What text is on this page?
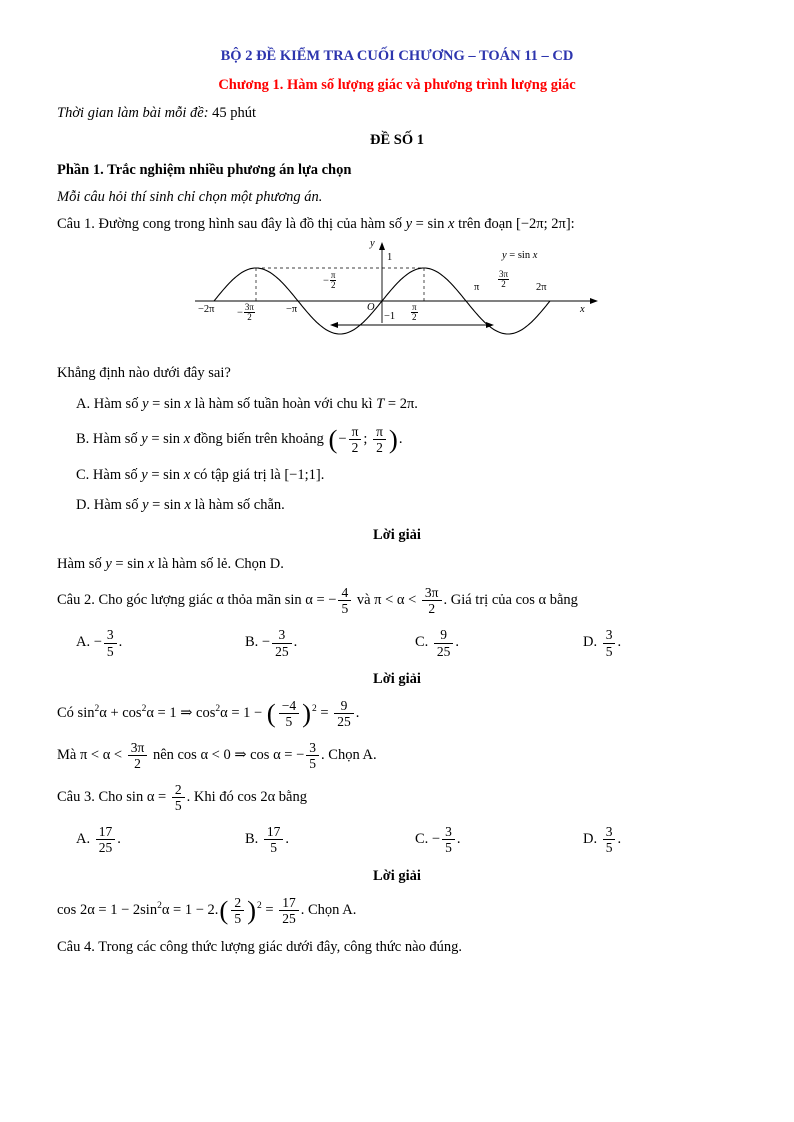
BỘ 2 ĐỀ KIỂM TRA CUỐI CHƯƠNG – TOÁN 11 – CD

Chương 1. Hàm số lượng giác và phương trình lượng giác

Thời gian làm bài mỗi đề: 45 phút

ĐỀ SỐ 1

Phần 1. Trắc nghiệm nhiều phương án lựa chọn

Mỗi câu hỏi thí sinh chỉ chọn một phương án.

Câu 1. Đường cong trong hình sau đây là đồ thị của hàm số y = sin x trên đoạn [−2π; 2π]:

y
1	y = sin x
$-2\pi - \frac{3\pi}{2}$	−π
− $\frac{\pi}{2}$
O
$-1 \frac{\pi}{2}$
π $\frac{3\pi}{2}$	2π
x

Khẳng định nào dưới đây sai?

A. Hàm số y = sin x là hàm số tuần hoàn với chu kì T = 2π.

B. Hàm số y = sin x đồng biến trên khoảng (− $\frac{\pi}{2}$ ; $\frac{\pi}{2}$ ).

C. Hàm số y = sin x có tập giá trị là [−1;1].

D. Hàm số y = sin x là hàm số chẵn.

Lời giải

Hàm số y = sin x là hàm số lẻ. Chọn D.

Câu 2. Cho góc lượng giác α thỏa mãn sin α = − $\frac{4}{5}$ và $\pi < \alpha < \frac{3\pi}{2}$ . Giá trị của cos α bằng

A. − $\frac{3}{5}$ .	B. − $\frac{3}{25}$ .	C. $\frac{9}{25}$ .	D. $\frac{3}{5}$ .

Lời giải

Có $\sin^2\alpha + \cos^2\alpha = 1$ ⇒ $\cos^2\alpha = 1$ − ( $\frac{-4}{5} )^2 = \frac{9}{25}$ .

Mà $\pi < \alpha < \frac{3\pi}{2}$ nên cos α < 0 ⇒ cos α = − $\frac{3}{5}$ . Chọn A.

Câu 3. Cho $\sin \alpha = \frac{2}{5}$ . Khi đó cos 2α bằng

A. $\frac{17}{25}$ .	B. $\frac{17}{5}$ .	C. − $\frac{3}{5}$ .	D. $\frac{3}{5}$ .

Lời giải

$\cos 2\alpha = 1 - 2\sin^2\alpha = 1 - 2.( \frac{2}{5} )^2 = \frac{17}{25}$ . Chọn A.

Câu 4. Trong các công thức lượng giác dưới đây, công thức nào đúng.
